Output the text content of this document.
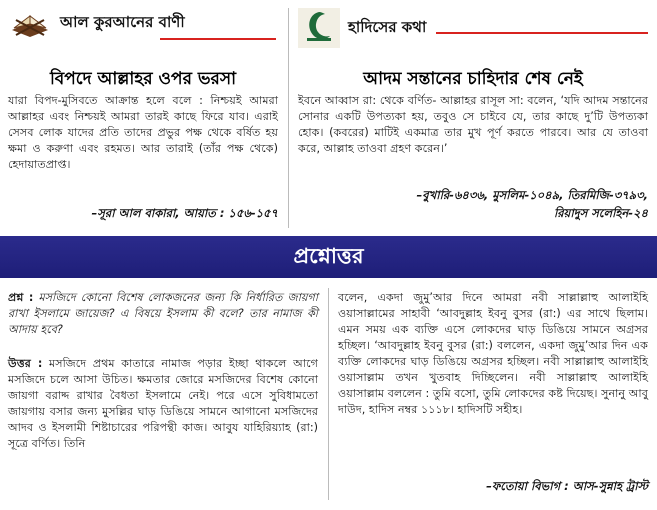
আল কুরআনের বাণী
বিপদে আল্লাহর ওপর ভরসা
যারা বিপদ-মুসিবতে আক্রান্ত হলে বলে : নিশ্চয়ই আমরা আল্লাহর এবং নিশ্চয়ই আমরা তারই কাছে ফিরে যাব। এরাই সেসব লোক যাদের প্রতি তাদের প্রভুর পক্ষ থেকে বর্ষিত হয় ক্ষমা ও করুণা এবং রহমত। আর তারাই (তাঁর পক্ষ থেকে) হেদায়াতপ্রাপ্ত।
–সূরা আল বাকারা, আয়াত : ১৫৬-১৫৭
হাদিসের কথা
আদম সন্তানের চাহিদার শেষ নেই
ইবনে আব্বাস রা: থেকে বর্ণিত- আল্লাহর রাসূল সা: বলেন, ‘যদি আদম সন্তানের সোনার একটি উপত্যকা হয়, তবুও সে চাইবে যে, তার কাছে দু’টি উপত্যকা হোক। (কবরের) মাটিই একমাত্র তার মুখ পূর্ণ করতে পারবে। আর যে তাওবা করে, আল্লাহ তাওবা গ্রহণ করেন।’
–বুখারি-৬৪৩৬, মুসলিম-১০৪৯, তিরমিজি-৩৭৯৩,
রিয়াদুস সলেহিন-২৪
প্রশ্নোত্তর
প্রশ্ন : মসজিদে কোনো বিশেষ লোকজনের জন্য কি নির্ধারিত জায়গা রাখা ইসলামে জায়েজ? এ বিষয়ে ইসলাম কী বলে? তার নামাজ কী আদায় হবে?
উত্তর : মসজিদে প্রথম কাতারে নামাজ পড়ার ইচ্ছা থাকলে আগে মসজিদে চলে আসা উচিত। ক্ষমতার জোরে মসজিদের বিশেষ কোনো জায়গা বরাদ্দ রাখার বৈধতা ইসলামে নেই। পরে এসে সুবিধামতো জায়গায় বসার জন্য মুসল্লির ঘাড় ডিঙিয়ে সামনে আগানো মসজিদের আদব ও ইসলামী শিষ্টাচারের পরিপন্থী কাজ। আবুয যাহিরিয়্যাহ (রা:) সূত্রে বর্ণিত। তিনি
বলেন, একদা জুমু’আর দিনে আমরা নবী সাল্লাল্লাহু আলাইহি ওয়াসাল্লামের সাহাবী ‘আবদুল্লাহ ইবনু বুসর (রা:) এর সাথে ছিলাম। এমন সময় এক ব্যক্তি এসে লোকদের ঘাড় ডিঙিয়ে সামনে অগ্রসর হচ্ছিল। ‘আবদুল্লাহ ইবনু বুসর (রা:) বললেন, একদা জুমু’আর দিন এক ব্যক্তি লোকদের ঘাড় ডিঙিয়ে অগ্রসর হচ্ছিল। নবী সাল্লাল্লাহু আলাইহি ওয়াসাল্লাম তখন খুতবাহ দিচ্ছিলেন। নবী সাল্লাল্লাহু আলাইহি ওয়াসাল্লাম বললেন : তুমি বসো, তুমি লোকদের কষ্ট দিয়েছ। সুনানু আবু দাউদ, হাদিস নম্বর ১১১৮। হাদিসটি সহীহ।
–ফতোয়া বিভাগ : আস-সুন্নাহ ট্রাস্ট
